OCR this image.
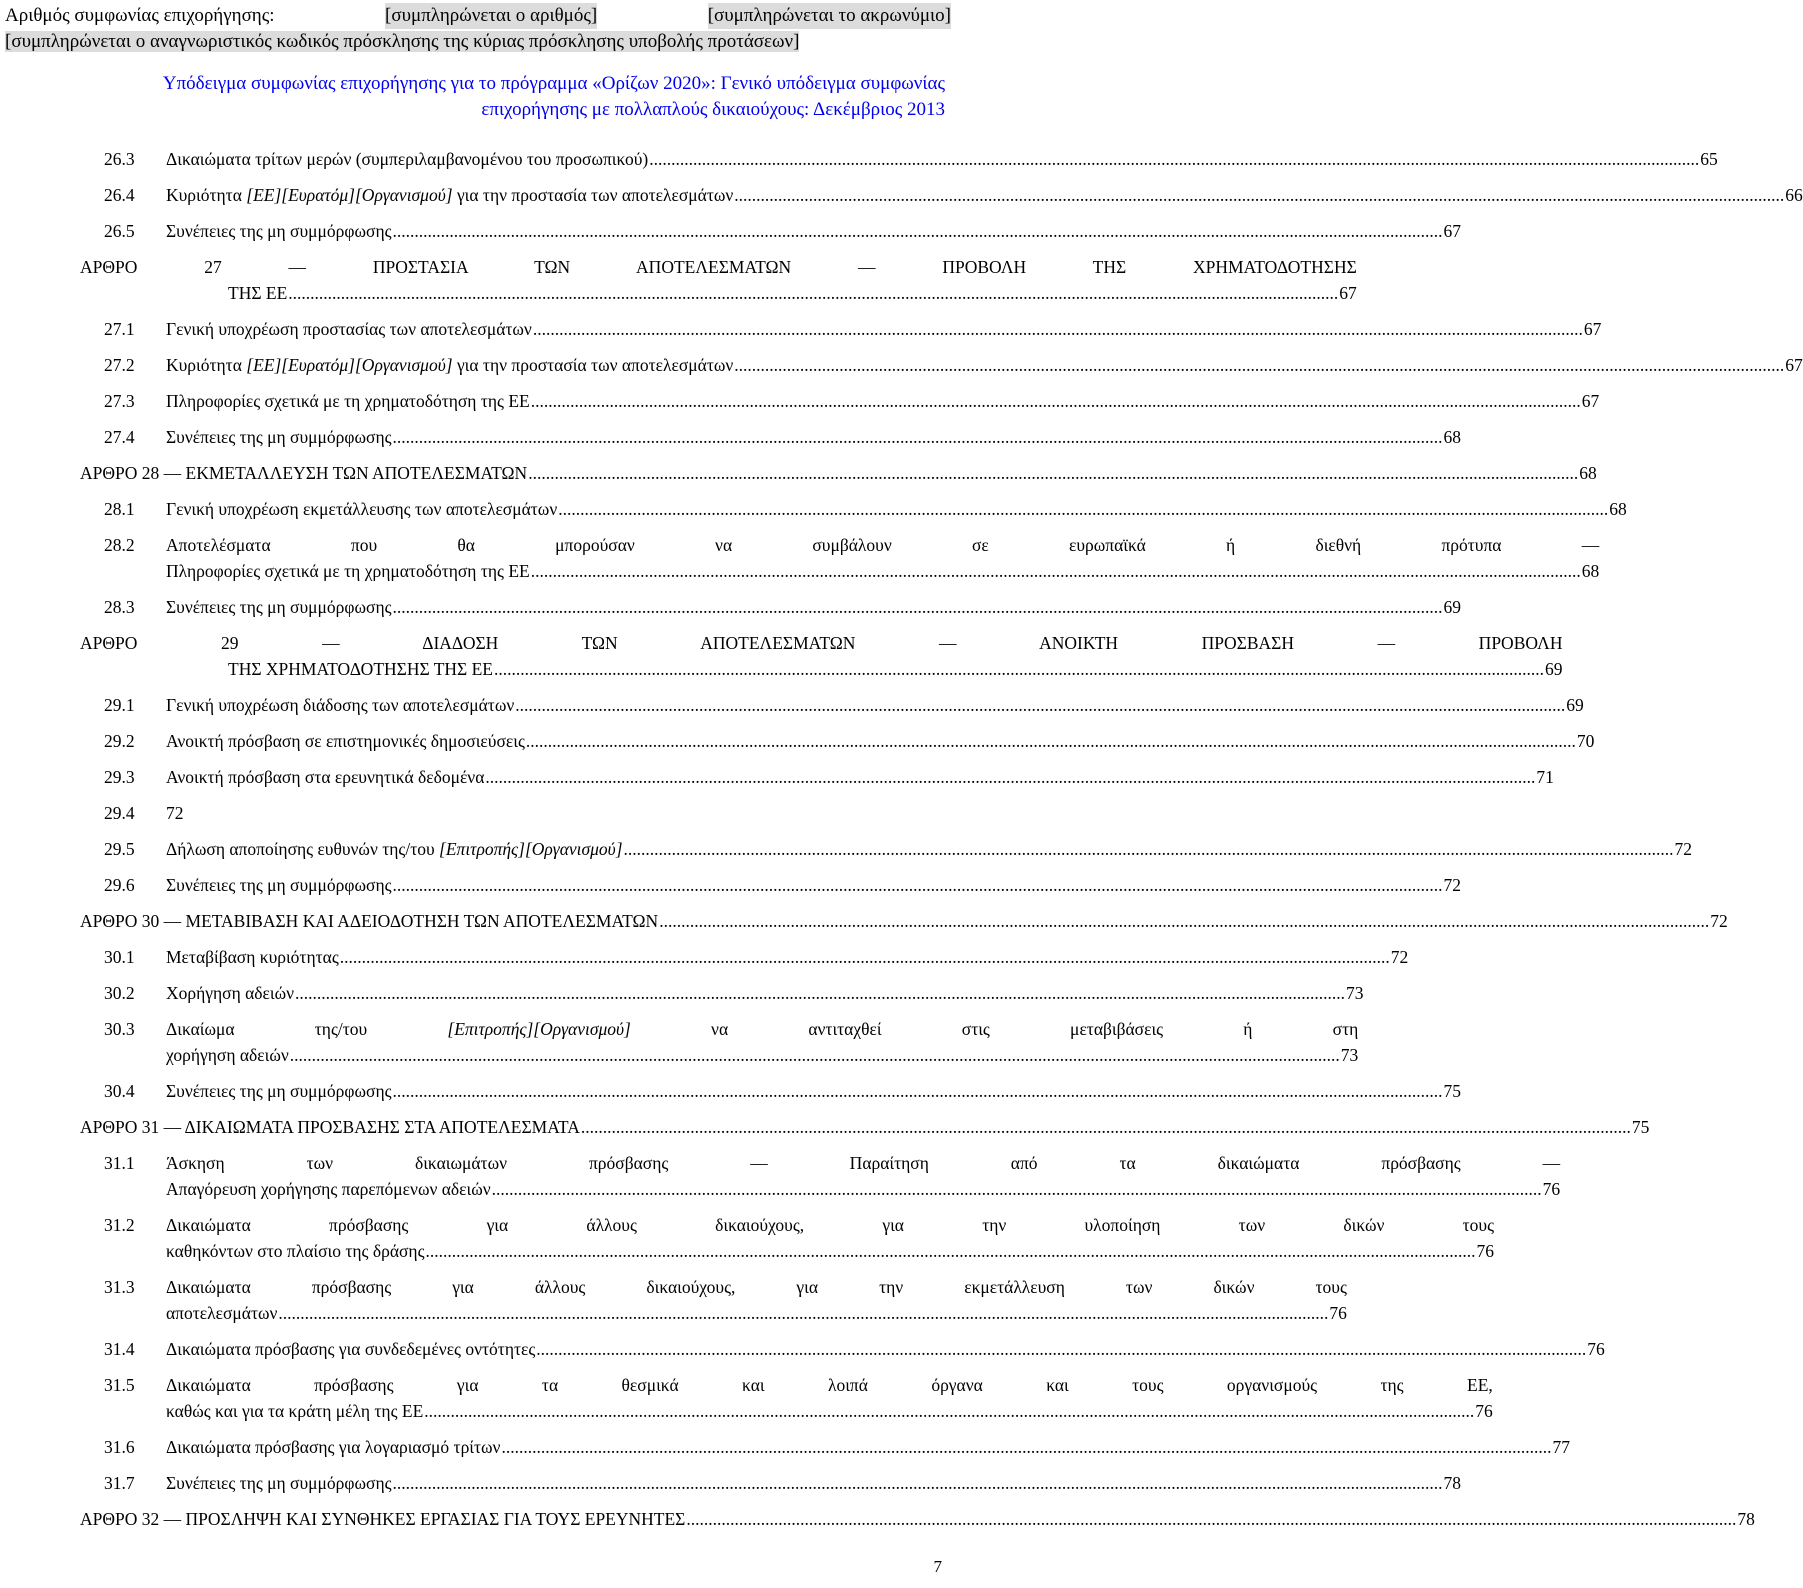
Αριθμός συμφωνίας επιχορήγησης:	[συμπληρώνεται ο αριθμός]	[συμπληρώνεται το ακρωνύμιο]
[συμπληρώνεται ο αναγνωριστικός κωδικός πρόσκλησης της κύριας πρόσκλησης υποβολής προτάσεων]
Υπόδειγμα συμφωνίας επιχορήγησης για το πρόγραμμα «Ορίζων 2020»: Γενικό υπόδειγμα συμφωνίας
επιχορήγησης με πολλαπλούς δικαιούχους: Δεκέμβριος 2013
26.3	Δικαιώματα τρίτων μερών (συμπεριλαμβανομένου του προσωπικού) .....	65
26.4	Κυριότητα [ΕΕ][Ευρατόμ][Οργανισμού] για την προστασία των αποτελεσμάτων .....	66
26.5	Συνέπειες της μη συμμόρφωσης .....	67
ΑΡΘΡΟ 27 — ΠΡΟΣΤΑΣΙΑ ΤΩΝ ΑΠΟΤΕΛΕΣΜΑΤΩΝ — ΠΡΟΒΟΛΗ ΤΗΣ ΧΡΗΜΑΤΟΔΟΤΗΣΗΣ
ΤΗΣ ΕΕ .....	67
27.1	Γενική υποχρέωση προστασίας των αποτελεσμάτων .....	67
27.2	Κυριότητα [ΕΕ][Ευρατόμ][Οργανισμού] για την προστασία των αποτελεσμάτων .....	67
27.3	Πληροφορίες σχετικά με τη χρηματοδότηση της ΕΕ .....	67
27.4	Συνέπειες της μη συμμόρφωσης .....	68
ΑΡΘΡΟ 28 — ΕΚΜΕΤΑΛΛΕΥΣΗ ΤΩΝ ΑΠΟΤΕΛΕΣΜΑΤΩΝ .....	68
28.1	Γενική υποχρέωση εκμετάλλευσης των αποτελεσμάτων .....	68
28.2	Αποτελέσματα που θα μπορούσαν να συμβάλουν σε ευρωπαϊκά ή διεθνή πρότυπα —
Πληροφορίες σχετικά με τη χρηματοδότηση της ΕΕ .....	68
28.3	Συνέπειες της μη συμμόρφωσης .....	69
ΑΡΘΡΟ 29 — ΔΙΑΔΟΣΗ ΤΩΝ ΑΠΟΤΕΛΕΣΜΑΤΩΝ — ΑΝΟΙΚΤΗ ΠΡΟΣΒΑΣΗ — ΠΡΟΒΟΛΗ
ΤΗΣ ΧΡΗΜΑΤΟΔΟΤΗΣΗΣ ΤΗΣ ΕΕ .....	69
29.1	Γενική υποχρέωση διάδοσης των αποτελεσμάτων .....	69
29.2	Ανοικτή πρόσβαση σε επιστημονικές δημοσιεύσεις .....	70
29.3	Ανοικτή πρόσβαση στα ερευνητικά δεδομένα .....	71
29.4	72
29.5	Δήλωση αποποίησης ευθυνών της/του [Επιτροπής][Οργανισμού] .....	72
29.6	Συνέπειες της μη συμμόρφωσης .....	72
ΑΡΘΡΟ 30 — ΜΕΤΑΒΙΒΑΣΗ ΚΑΙ ΑΔΕΙΟΔΟΤΗΣΗ ΤΩΝ ΑΠΟΤΕΛΕΣΜΑΤΩΝ .....	72
30.1	Μεταβίβαση κυριότητας .....	72
30.2	Χορήγηση αδειών .....	73
30.3	Δικαίωμα της/του [Επιτροπής][Οργανισμού] να αντιταχθεί στις μεταβιβάσεις ή στη
χορήγηση αδειών .....	73
30.4	Συνέπειες της μη συμμόρφωσης .....	75
ΑΡΘΡΟ 31 — ΔΙΚΑΙΩΜΑΤΑ ΠΡΟΣΒΑΣΗΣ ΣΤΑ ΑΠΟΤΕΛΕΣΜΑΤΑ .....	75
31.1	Άσκηση των δικαιωμάτων πρόσβασης — Παραίτηση από τα δικαιώματα πρόσβασης —
Απαγόρευση χορήγησης παρεπόμενων αδειών .....	76
31.2	Δικαιώματα πρόσβασης για άλλους δικαιούχους, για την υλοποίηση των δικών τους
καθηκόντων στο πλαίσιο της δράσης .....	76
31.3	Δικαιώματα πρόσβασης για άλλους δικαιούχους, για την εκμετάλλευση των δικών τους
αποτελεσμάτων .....	76
31.4	Δικαιώματα πρόσβασης για συνδεδεμένες οντότητες .....	76
31.5	Δικαιώματα πρόσβασης για τα θεσμικά και λοιπά όργανα και τους οργανισμούς της ΕΕ,
καθώς και για τα κράτη μέλη της ΕΕ .....	76
31.6	Δικαιώματα πρόσβασης για λογαριασμό τρίτων .....	77
31.7	Συνέπειες της μη συμμόρφωσης .....	78
ΑΡΘΡΟ 32 — ΠΡΟΣΛΗΨΗ ΚΑΙ ΣΥΝΘΗΚΕΣ ΕΡΓΑΣΙΑΣ ΓΙΑ ΤΟΥΣ ΕΡΕΥΝΗΤΕΣ .....	78
7
